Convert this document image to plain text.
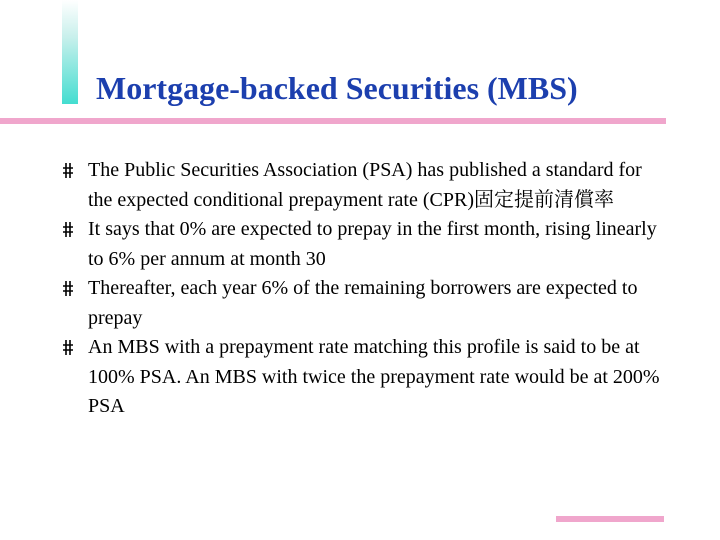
Mortgage-backed Securities (MBS)
The Public Securities Association (PSA) has published a standard for the expected conditional prepayment rate (CPR)固定提前清償率
It says that 0% are expected to prepay in the first month, rising linearly to 6% per annum at month 30
Thereafter, each year 6% of the remaining borrowers are expected to prepay
An MBS with a prepayment rate matching this profile is said to be at 100% PSA. An MBS with twice the prepayment rate would be at 200% PSA
